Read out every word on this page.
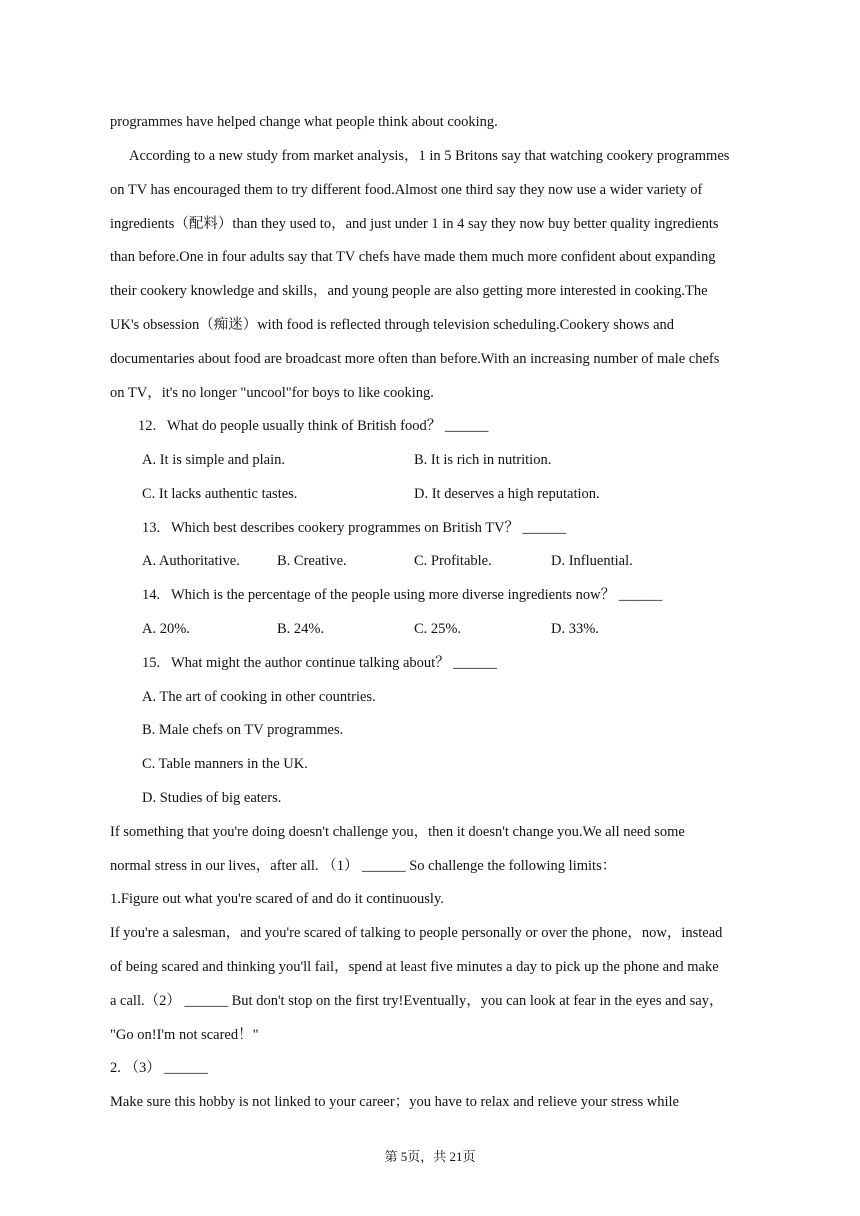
programmes have helped change what people think about cooking.
According to a new study from market analysis，1 in 5 Britons say that watching cookery programmes
on TV has encouraged them to try different food.Almost one third say they now use a wider variety of
ingredients（配料）than they used to，and just under 1 in 4 say they now buy better quality ingredients
than before.One in four adults say that TV chefs have made them much more confident about expanding
their cookery knowledge and skills，and young people are also getting more interested in cooking.The
UK's obsession（痴迷）with food is reflected through television scheduling.Cookery shows and
documentaries about food are broadcast more often than before.With an increasing number of male chefs
on TV，it's no longer "uncool"for boys to like cooking.
12.   What do people usually think of British food？ ______
A. It is simple and plain.	B. It is rich in nutrition.
C. It lacks authentic tastes.	D. It deserves a high reputation.
13.   Which best describes cookery programmes on British TV？ ______
A. Authoritative.	B. Creative.	C. Profitable.	D. Influential.
14.   Which is the percentage of the people using more diverse ingredients now？ ______
A. 20%.	B. 24%.	C. 25%.	D. 33%.
15.   What might the author continue talking about？ ______
A. The art of cooking in other countries.
B. Male chefs on TV programmes.
C. Table manners in the UK.
D. Studies of big eaters.
If something that you're doing doesn't challenge you，then it doesn't change you.We all need some
normal stress in our lives，after all. （1） ______ So challenge the following limits：
1.Figure out what you're scared of and do it continuously.
If you're a salesman，and you're scared of talking to people personally or over the phone，now，instead
of being scared and thinking you'll fail，spend at least five minutes a day to pick up the phone and make
a call.（2） ______ But don't stop on the first try!Eventually，you can look at fear in the eyes and say，
"Go on!I'm not scared！"
2. （3） ______
Make sure this hobby is not linked to your career；you have to relax and relieve your stress while
第 5页，共 21页
